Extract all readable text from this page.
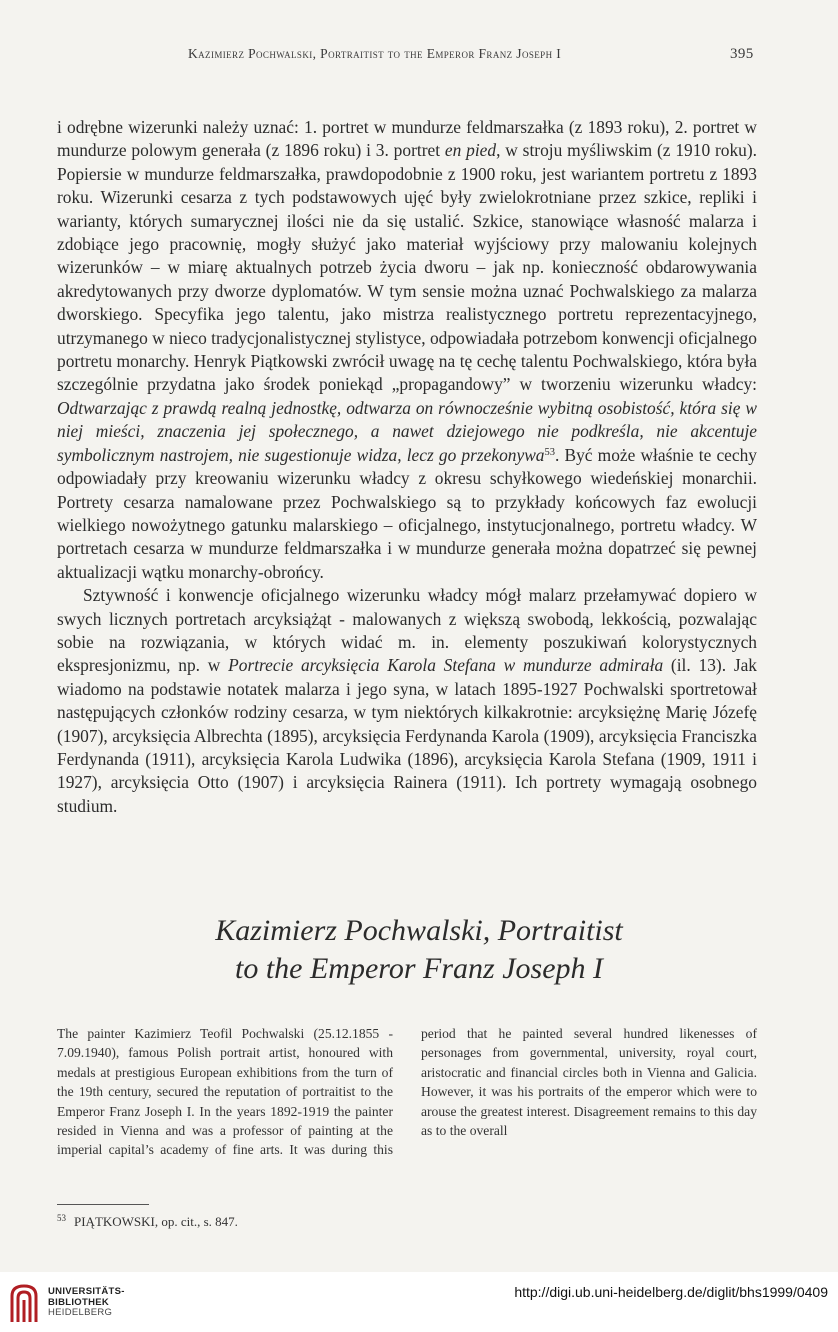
Kazimierz Pochwalski, Portraitist to the Emperor Franz Joseph I	395

i odrębne wizerunki należy uznać: 1. portret w mundurze feldmarszałka (z 1893 roku), 2. portret w mundurze polowym generała (z 1896 roku) i 3. portret en pied, w stroju myśliwskim (z 1910 roku). Popiersie w mundurze feldmarszałka, prawdopodobnie z 1900 roku, jest wariantem portretu z 1893 roku. Wizerunki cesarza z tych podstawowych ujęć były zwielokrotniane przez szkice, repliki i warianty, których sumarycznej ilości nie da się ustalić. Szkice, stanowiące własność malarza i zdobiące jego pracownię, mogły służyć jako materiał wyjściowy przy malowaniu kolejnych wizerunków – w miarę aktualnych potrzeb życia dworu – jak np. konieczność obdarowywania akredytowanych przy dworze dyplomatów. W tym sensie można uznać Pochwalskiego za malarza dworskiego. Specyfika jego talentu, jako mistrza realistycznego portretu reprezentacyjnego, utrzymanego w nieco tradycjonalistycznej stylistyce, odpowiadała potrzebom konwencji oficjalnego portretu monarchy. Henryk Piątkowski zwrócił uwagę na tę cechę talentu Pochwalskiego, która była szczególnie przydatna jako środek poniekąd „propagandowy” w tworzeniu wizerunku władcy: Odtwarzając z prawdą realną jednostkę, odtwarza on równocześnie wybitną osobistość, która się w niej mieści, znaczenia jej społecznego, a nawet dziejowego nie podkreśla, nie akcentuje symbolicznym nastrojem, nie sugestionuje widza, lecz go przekonywa$^{53}$. Być może właśnie te cechy odpowiadały przy kreowaniu wizerunku władcy z okresu schyłkowego wiedeńskiej monarchii. Portrety cesarza namalowane przez Pochwalskiego są to przykłady końcowych faz ewolucji wielkiego nowożytnego gatunku malarskiego – oficjalnego, instytucjonalnego, portretu władcy. W portretach cesarza w mundurze feldmarszałka i w mundurze generała można dopatrzeć się pewnej aktualizacji wątku monarchy-obrońcy.

Sztywność i konwencje oficjalnego wizerunku władcy mógł malarz przełamywać dopiero w swych licznych portretach arcyksiążąt - malowanych z większą swobodą, lekkością, pozwalając sobie na rozwiązania, w których widać m. in. elementy poszukiwań kolorystycznych ekspresjonizmu, np. w Portrecie arcyksięcia Karola Stefana w mundurze admirała (il. 13). Jak wiadomo na podstawie notatek malarza i jego syna, w latach 1895-1927 Pochwalski sportretował następujących członków rodziny cesarza, w tym niektórych kilkakrotnie: arcyksiężnę Marię Józefę (1907), arcyksięcia Albrechta (1895), arcyksięcia Ferdynanda Karola (1909), arcyksięcia Franciszka Ferdynanda (1911), arcyksięcia Karola Ludwika (1896), arcyksięcia Karola Stefana (1909, 1911 i 1927), arcyksięcia Otto (1907) i arcyksięcia Rainera (1911). Ich portrety wymagają osobnego studium.

Kazimierz Pochwalski, Portraitist
to the Emperor Franz Joseph I

The painter Kazimierz Teofil Pochwalski (25.12.1855 - 7.09.1940), famous Polish portrait artist, honoured with medals at prestigious European exhibitions from the turn of the 19th century, secured the reputation of portraitist to the Emperor Franz Joseph I. In the years 1892-1919 the painter resided in Vienna and was a professor of painting at the imperial capital’s academy of fine arts. It was during this period that he painted several hundred likenesses of personages from governmental, university, royal court, aristocratic and financial circles both in Vienna and Galicia. However, it was his portraits of the emperor which were to arouse the greatest interest. Disagreement remains to this day as to the overall

$^{53}$ PIĄTKOWSKI, op. cit., s. 847.
UNIVERSITÄTS-
BIBLIOTHEK
HEIDELBERG
http://digi.ub.uni-heidelberg.de/diglit/bhs1999/0409
